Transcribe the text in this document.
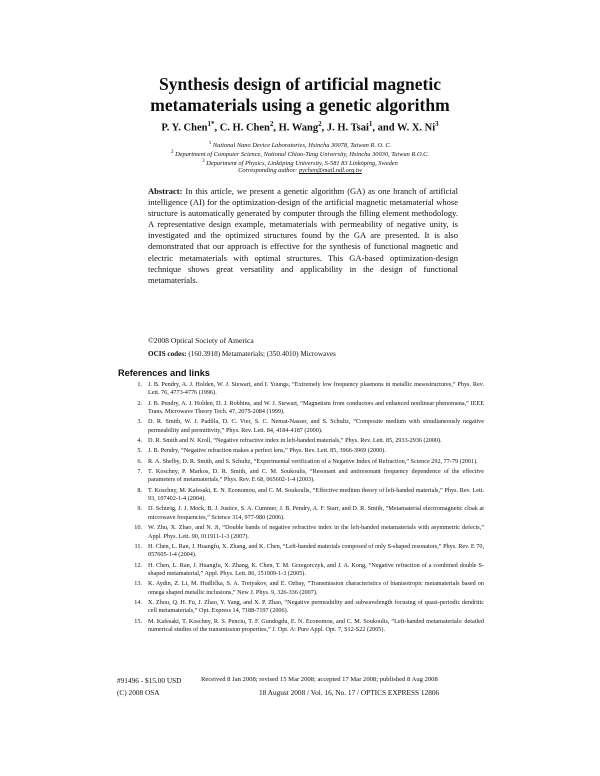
Synthesis design of artificial magnetic
metamaterials using a genetic algorithm
P. Y. Chen$^{1*}$, C. H. Chen$^2$, H. Wang$^2$, J. H. Tsai$^1$, and W. X. Ni$^3$
$^1$ National Nano Device Laboratories, Hsinchu 30078, Taiwan R. O. C.
$^2$ Department of Computer Science, National Chiao-Tung University, Hsinchu 30030, Taiwan R.O.C.
$^3$ Department of Physics, Linköping University, S-581 83 Linköping, Sweden
Corresponding author: pychen@mail.ndl.org.tw
Abstract: In this article, we present a genetic algorithm (GA) as one branch of artificial intelligence (AI) for the optimization-design of the artificial magnetic metamaterial whose structure is automatically generated by computer through the filling element methodology. A representative design example, metamaterials with permeability of negative unity, is investigated and the optimized structures found by the GA are presented. It is also demonstrated that our approach is effective for the synthesis of functional magnetic and electric metamaterials with optimal structures. This GA-based optimization-design technique shows great versatility and applicability in the design of functional metamaterials.
©2008 Optical Society of America
OCIS codes: (160.3918) Metamaterials; (350.4010) Microwaves
References and links
1. J. B. Pendry, A. J. Holden, W. J. Stewart, and I. Youngs, “Extremely low frequency plasmons in metallic mesostructures,” Phys. Rev. Lett. 76, 4773-4776 (1996).
2. J. B. Pendry, A. J. Holden, D. J. Robbins, and W. J. Stewart, “Magnetism from conductors and enhanced nonlinear phenomena,” IEEE Trans. Microwave Theory Tech. 47, 2075-2084 (1999).
3. D. R. Smith, W. J. Padilla, D. C. Vier, S. C. Nemat-Nasser, and S. Schultz, “Composite medium with simultaneously negative permeability and permittivity,” Phys. Rev. Lett. 84, 4184-4187 (2000).
4. D. R. Smith and N. Kroll, “Negative refractive index in left-handed materials,” Phys. Rev. Lett. 85, 2933-2936 (2000).
5. J. B. Pendry, “Negative refraction makes a perfect lens,” Phys. Rev. Lett. 85, 3966-3969 (2000).
6. R. A. Shelby, D. R. Smith, and S. Schultz, “Experimental verification of a Negative Index of Refraction,” Science 292, 77-79 (2001).
7. T. Koschny, P. Markos, D. R. Smith, and C. M. Soukoulis, “Resonant and antiresonant frequency dependence of the effective parameters of metamaterials,” Phys. Rev. E 68, 065602-1-4 (2003).
8. T. Koschny, M. Kafesaki, E. N. Economou, and C. M. Soukoulis, “Effective medium theory of left-handed materials,” Phys. Rev. Lett. 93, 107402-1-4 (2004).
9. D. Schurig, J. J. Mock, B. J. Justice, S. A. Cummer, J. B. Pendry, A. F. Starr, and D. R. Smith, “Metamaterial electromagnetic cloak at microwave frequencies,” Science 314, 977-980 (2006).
10. W. Zhu, X. Zhao, and N. Ji, “Double bands of negative refractive index in the left-handed metamaterials with asymmetric defects,” Appl. Phys. Lett. 90, 011911-1-3 (2007).
11. H. Chen, L. Ran, J. Huangfu, X. Zhang, and K. Chen, “Left-handed materials composed of only S-shaped resonators,” Phys. Rev. E 70, 057605-1-4 (2004).
12. H. Chen, L. Ran, J. Huangfu, X. Zhang, K. Chen, T. M. Grzegorczyk, and J. A. Kong, “Negative refraction of a combined double S-shaped metamaterial,” Appl. Phys. Lett. 86, 151909-1-3 (2005).
13. K. Aydin, Z. Li, M. Hudlička, S. A. Tretyakov, and E. Ozbay, “Transmission characteristics of bianisotropic metamaterials based on omega shaped metallic inclusions,” New J. Phys. 9, 326-336 (2007).
14. X. Zhou, Q. H. Fu, J. Zhao, Y. Yang, and X. P. Zhao, “Negative permeability and subwavelength focusing of quasi-periodic dendritic cell metamaterials,” Opt. Express 14, 7188-7197 (2006).
15. M. Kafesaki, T. Koschny, R. S. Penciu, T. F. Gundogdu, E. N. Economou, and C. M. Soukoulis, “Left-handed metamaterials: detailed numerical studies of the transmission properties,” J. Opt. A: Pure Appl. Opt. 7, S12-S22 (2005).
#91496 - $15.00 USD
(C) 2008 OSA
Received 8 Jan 2008; revised 15 Mar 2008; accepted 17 Mar 2008; published 8 Aug 2008
18 August 2008 / Vol. 16, No. 17 / OPTICS EXPRESS 12806
